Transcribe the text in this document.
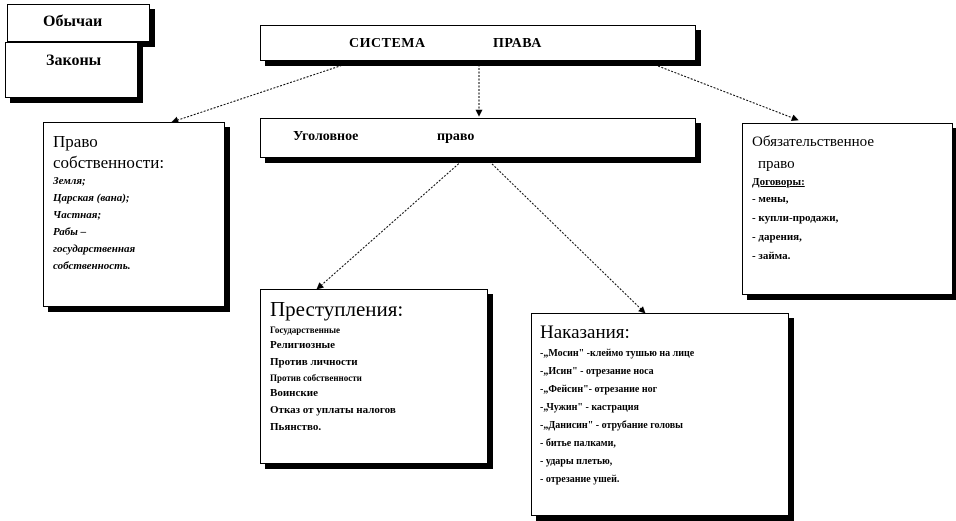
Обычаи
Законы
СИСТЕМА	ПРАВА
Уголовное	право
Право
собственности:
Земля;
Царская (вана);
Частная;
Рабы –
государственная
собственность.
Обязательственное
право
Договоры:
- мены,
- купли-продажи,
- дарения,
- займа.
Преступления:
Государственные
Религиозные
Против личности
Против собственности
Воинские
Отказ от уплаты налогов
Пьянство.
Наказания:
-„Мосин" -клеймо тушью на лице
-„Исин" - отрезание носа
-„Фейсин"- отрезание ног
-„Чужин" - кастрация
-„Данисин" - отрубание головы
- битье палками,
- удары плетью,
- отрезание ушей.
